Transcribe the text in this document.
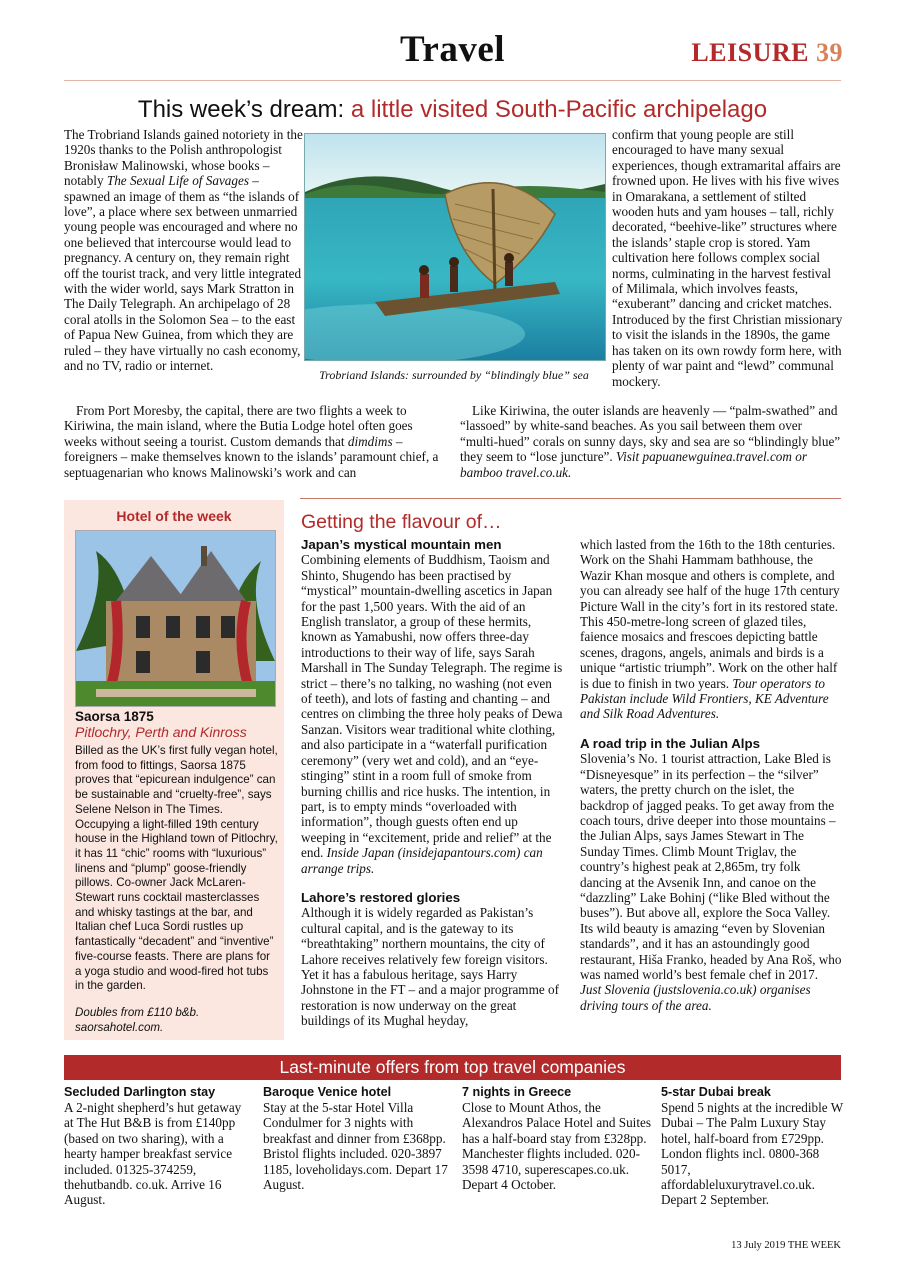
Travel	LEISURE 39
This week’s dream: a little visited South-Pacific archipelago

The Trobriand Islands gained notoriety in the 1920s thanks to the Polish anthropologist Bronisław Malinowski, whose books – notably The Sexual Life of Savages – spawned an image of them as “the islands of love”, a place where sex between unmarried young people was encouraged and where no one believed that intercourse would lead to pregnancy. A century on, they remain right off the tourist track, and very little integrated with the wider world, says Mark Stratton in The Daily Telegraph. An archipelago of 28 coral atolls in the Solomon Sea – to the east of Papua New Guinea, from which they are ruled – they have virtually no cash economy, and no TV, radio or internet.

Trobriand Islands: surrounded by “blindingly blue” sea

confirm that young people are still encouraged to have many sexual experiences, though extramarital affairs are frowned upon. He lives with his five wives in Omarakana, a settlement of stilted wooden huts and yam houses – tall, richly decorated, “beehive-like” structures where the islands’ staple crop is stored. Yam cultivation here follows complex social norms, culminating in the harvest festival of Milimala, which involves feasts, “exuberant” dancing and cricket matches. Introduced by the first Christian missionary to visit the islands in the 1890s, the game has taken on its own rowdy form here, with plenty of war paint and “lewd” communal mockery.

From Port Moresby, the capital, there are two flights a week to Kiriwina, the main island, where the Butia Lodge hotel often goes weeks without seeing a tourist. Custom demands that dimdims – foreigners – make themselves known to the islands’ paramount chief, a septuagenarian who knows Malinowski’s work and can

Like Kiriwina, the outer islands are heavenly — “palm-swathed” and “lassoed” by white-sand beaches. As you sail between them over “multi-hued” corals on sunny days, sky and sea are so “blindingly blue” they seem to “lose juncture”. Visit papuanewguinea.travel.com or bamboo travel.co.uk.

Hotel of the week
Saorsa 1875
Pitlochry, Perth and Kinross
Billed as the UK’s first fully vegan hotel, from food to fittings, Saorsa 1875 proves that “epicurean indulgence” can be sustainable and “cruelty-free”, says Selene Nelson in The Times. Occupying a light-filled 19th century house in the Highland town of Pitlochry, it has 11 “chic” rooms with “luxurious” linens and “plump” goose-friendly pillows. Co-owner Jack McLaren-Stewart runs cocktail masterclasses and whisky tastings at the bar, and Italian chef Luca Sordi rustles up fantastically “decadent” and “inventive” five-course feasts. There are plans for a yoga studio and wood-fired hot tubs in the garden.
Doubles from £110 b&b.
saorsahotel.com.
Getting the flavour of…
Japan’s mystical mountain men

Combining elements of Buddhism, Taoism and Shinto, Shugendo has been practised by “mystical” mountain-dwelling ascetics in Japan for the past 1,500 years. With the aid of an English translator, a group of these hermits, known as Yamabushi, now offers three-day introductions to their way of life, says Sarah Marshall in The Sunday Telegraph. The regime is strict – there’s no talking, no washing (not even of teeth), and lots of fasting and chanting – and centres on climbing the three holy peaks of Dewa Sanzan. Visitors wear traditional white clothing, and also participate in a “waterfall purification ceremony” (very wet and cold), and an “eye-stinging” stint in a room full of smoke from burning chillis and rice husks. The intention, in part, is to empty minds “overloaded with information”, though guests often end up weeping in “excitement, pride and relief” at the end. Inside Japan (insidejapantours.com) can arrange trips.

Lahore’s restored glories

Although it is widely regarded as Pakistan’s cultural capital, and is the gateway to its “breathtaking” northern mountains, the city of Lahore receives relatively few foreign visitors. Yet it has a fabulous heritage, says Harry Johnstone in the FT – and a major programme of restoration is now underway on the great buildings of its Mughal heyday,

which lasted from the 16th to the 18th centuries. Work on the Shahi Hammam bathhouse, the Wazir Khan mosque and others is complete, and you can already see half of the huge 17th century Picture Wall in the city’s fort in its restored state. This 450-metre-long screen of glazed tiles, faience mosaics and frescoes depicting battle scenes, dragons, angels, animals and birds is a unique “artistic triumph”. Work on the other half is due to finish in two years. Tour operators to Pakistan include Wild Frontiers, KE Adventure and Silk Road Adventures.

A road trip in the Julian Alps

Slovenia’s No. 1 tourist attraction, Lake Bled is “Disneyesque” in its perfection – the “silver” waters, the pretty church on the islet, the backdrop of jagged peaks. To get away from the coach tours, drive deeper into those mountains – the Julian Alps, says James Stewart in The Sunday Times. Climb Mount Triglav, the country’s highest peak at 2,865m, try folk dancing at the Avsenik Inn, and canoe on the “dazzling” Lake Bohinj (“like Bled without the buses”). But above all, explore the Soca Valley. Its wild beauty is amazing “even by Slovenian standards”, and it has an astoundingly good restaurant, Hiša Franko, headed by Ana Roš, who was named world’s best female chef in 2017. Just Slovenia (justslovenia.co.uk) organises driving tours of the area.

Last-minute offers from top travel companies
Secluded Darlington stay
A 2-night shepherd’s hut getaway at The Hut B&B is from £140pp (based on two sharing), with a hearty hamper breakfast service included. 01325-374259, thehutbandb. co.uk. Arrive 16 August.
Baroque Venice hotel
Stay at the 5-star Hotel Villa Condulmer for 3 nights with breakfast and dinner from £368pp. Bristol flights included. 020-3897 1185, loveholidays.com. Depart 17 August.
7 nights in Greece
Close to Mount Athos, the Alexandros Palace Hotel and Suites has a half-board stay from £328pp. Manchester flights included. 020-3598 4710, superescapes.co.uk. Depart 4 October.
5-star Dubai break
Spend 5 nights at the incredible W Dubai – The Palm Luxury Stay hotel, half-board from £729pp. London flights incl. 0800-368 5017, affordableluxurytravel.co.uk. Depart 2 September.
13 July 2019 THE WEEK
